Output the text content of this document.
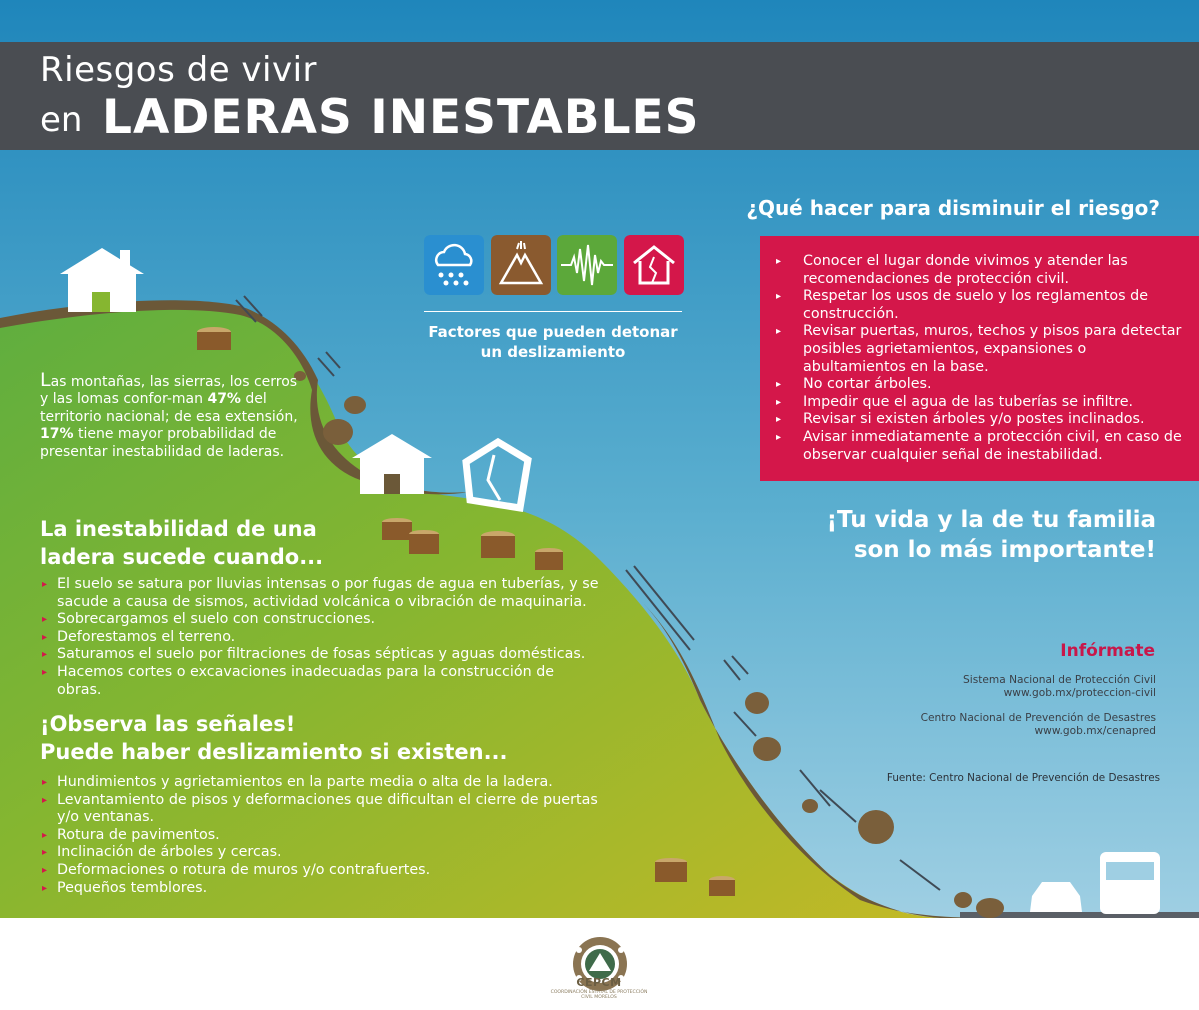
Riesgos de vivir
en LADERAS INESTABLES
Factores que pueden detonar un deslizamiento
¿Qué hacer para disminuir el riesgo?
▸ Conocer el lugar donde vivimos y atender las recomendaciones de protección civil.
▸ Respetar los usos de suelo y los reglamentos de construcción.
▸ Revisar puertas, muros, techos y pisos para detectar posibles agrietamientos, expansiones o abultamientos en la base.
▸ No cortar árboles.
▸ Impedir que el agua de las tuberías se infiltre.
▸ Revisar si existen árboles y/o postes inclinados.
▸ Avisar inmediatamente a protección civil, en caso de observar cualquier señal de inestabilidad.
¡Tu vida y la de tu familia
son lo más importante!
Infórmate
Sistema Nacional de Protección Civil
www.gob.mx/proteccion-civil
Centro Nacional de Prevención de Desastres
www.gob.mx/cenapred
Fuente: Centro Nacional de Prevención de Desastres
Las montañas, las sierras, los cerros y las lomas confor-man 47% del territorio nacional; de esa extensión, 17% tiene mayor probabilidad de presentar inestabilidad de laderas.
La inestabilidad de una
ladera sucede cuando...
▸ El suelo se satura por lluvias intensas o por fugas de agua en tuberías, y se sacude a causa de sismos, actividad volcánica o vibración de maquinaria.
▸ Sobrecargamos el suelo con construcciones.
▸ Deforestamos el terreno.
▸ Saturamos el suelo por filtraciones de fosas sépticas y aguas domésticas.
▸ Hacemos cortes o excavaciones inadecuadas para la construcción de obras.
¡Observa las señales!
Puede haber deslizamiento si existen...
▸ Hundimientos y agrietamientos en la parte media o alta de la ladera.
▸ Levantamiento de pisos y deformaciones que dificultan el cierre de puertas y/o ventanas.
▸ Rotura de pavimentos.
▸ Inclinación de árboles y cercas.
▸ Deformaciones o rotura de muros y/o contrafuertes.
▸ Pequeños temblores.
CEPCM
COORDINACIÓN ESTATAL DE PROTECCIÓN CIVIL MORELOS
